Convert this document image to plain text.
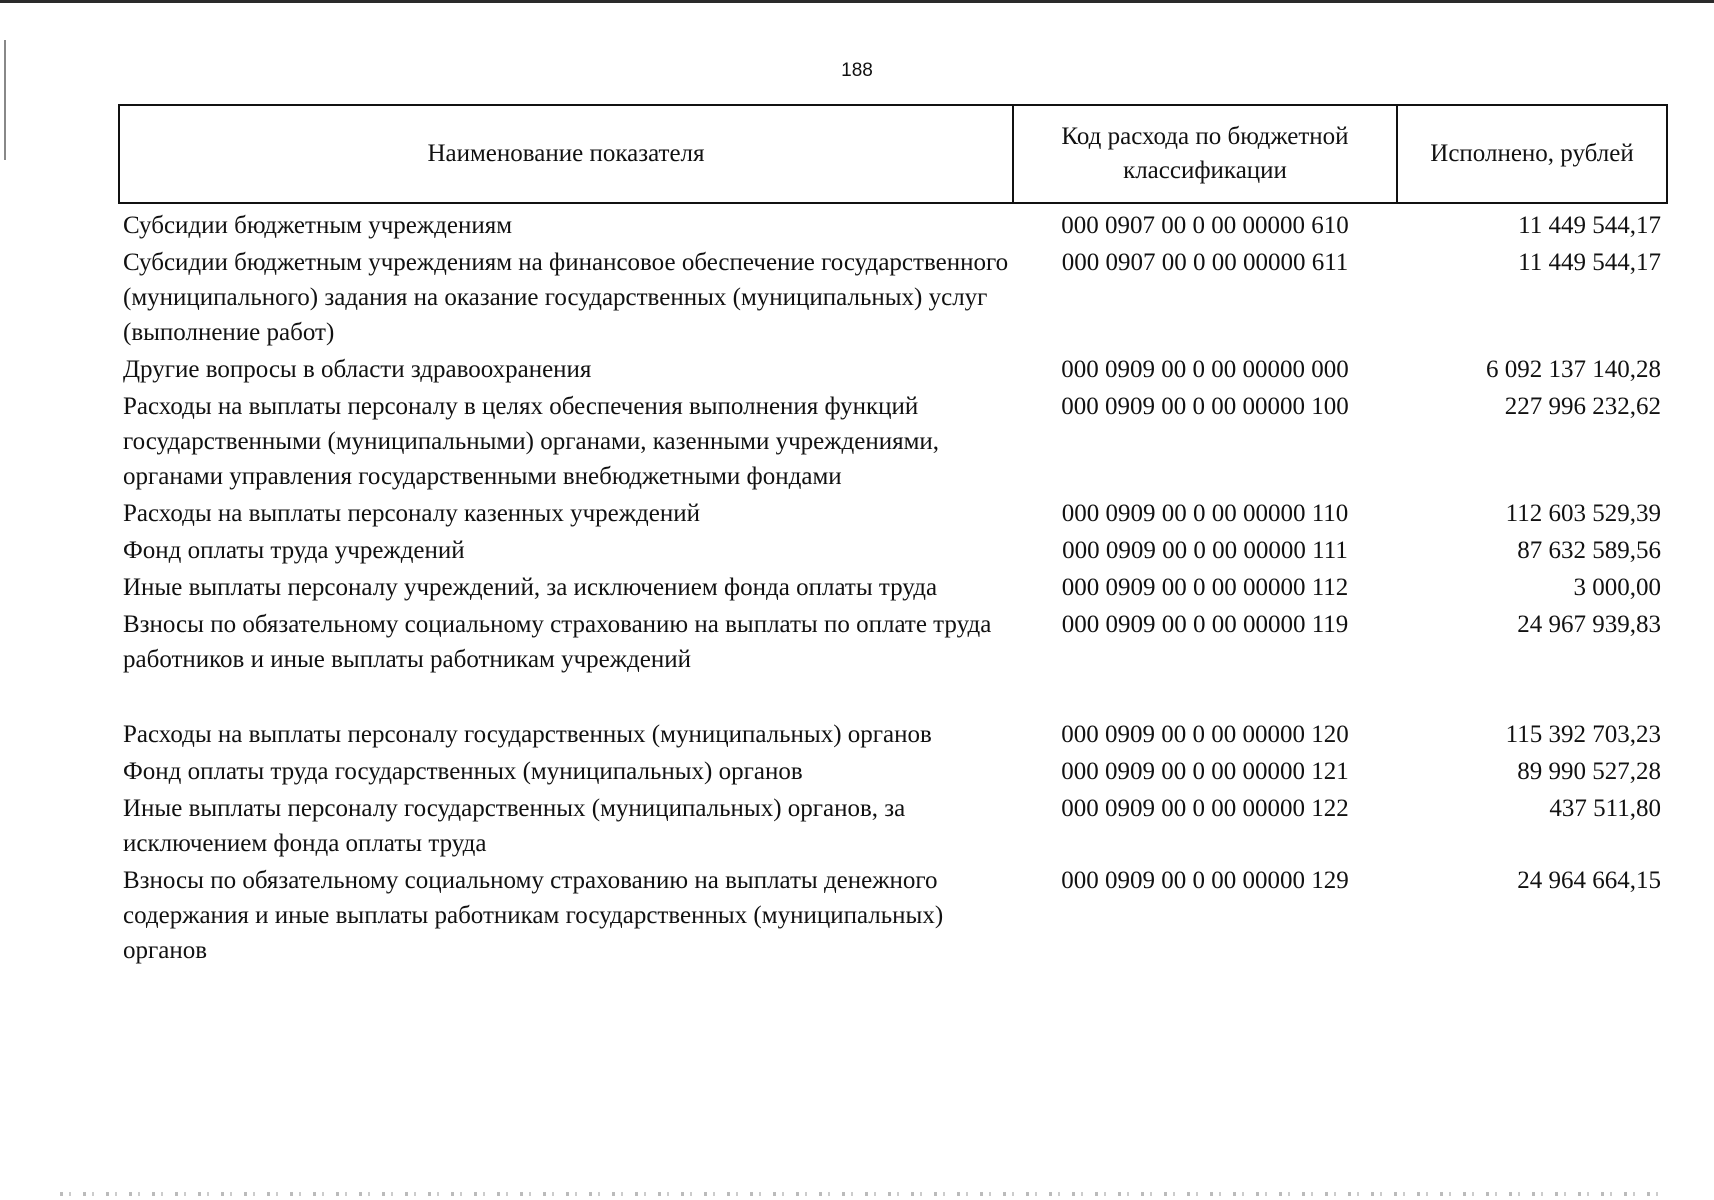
188
Наименование показателя	Код расхода по бюджетной классификации	Исполнено, рублей
Субсидии бюджетным учреждениям	000 0907 00 0 00 00000 610	11 449 544,17
Субсидии бюджетным учреждениям на финансовое обеспечение государственного (муниципального) задания на оказание государственных (муниципальных) услуг (выполнение работ)	000 0907 00 0 00 00000 611	11 449 544,17
Другие вопросы в области здравоохранения	000 0909 00 0 00 00000 000	6 092 137 140,28
Расходы на выплаты персоналу в целях обеспечения выполнения функций государственными (муниципальными) органами, казенными учреждениями, органами управления государственными внебюджетными фондами	000 0909 00 0 00 00000 100	227 996 232,62
Расходы на выплаты персоналу казенных учреждений	000 0909 00 0 00 00000 110	112 603 529,39
Фонд оплаты труда учреждений	000 0909 00 0 00 00000 111	87 632 589,56
Иные выплаты персоналу учреждений, за исключением фонда оплаты труда	000 0909 00 0 00 00000 112	3 000,00
Взносы по обязательному социальному страхованию на выплаты по оплате труда работников и иные выплаты работникам учреждений	000 0909 00 0 00 00000 119	24 967 939,83
Расходы на выплаты персоналу государственных (муниципальных) органов	000 0909 00 0 00 00000 120	115 392 703,23
Фонд оплаты труда государственных (муниципальных) органов	000 0909 00 0 00 00000 121	89 990 527,28
Иные выплаты персоналу государственных (муниципальных) органов, за исключением фонда оплаты труда	000 0909 00 0 00 00000 122	437 511,80
Взносы по обязательному социальному страхованию на выплаты денежного содержания и иные выплаты работникам государственных (муниципальных) органов	000 0909 00 0 00 00000 129	24 964 664,15
